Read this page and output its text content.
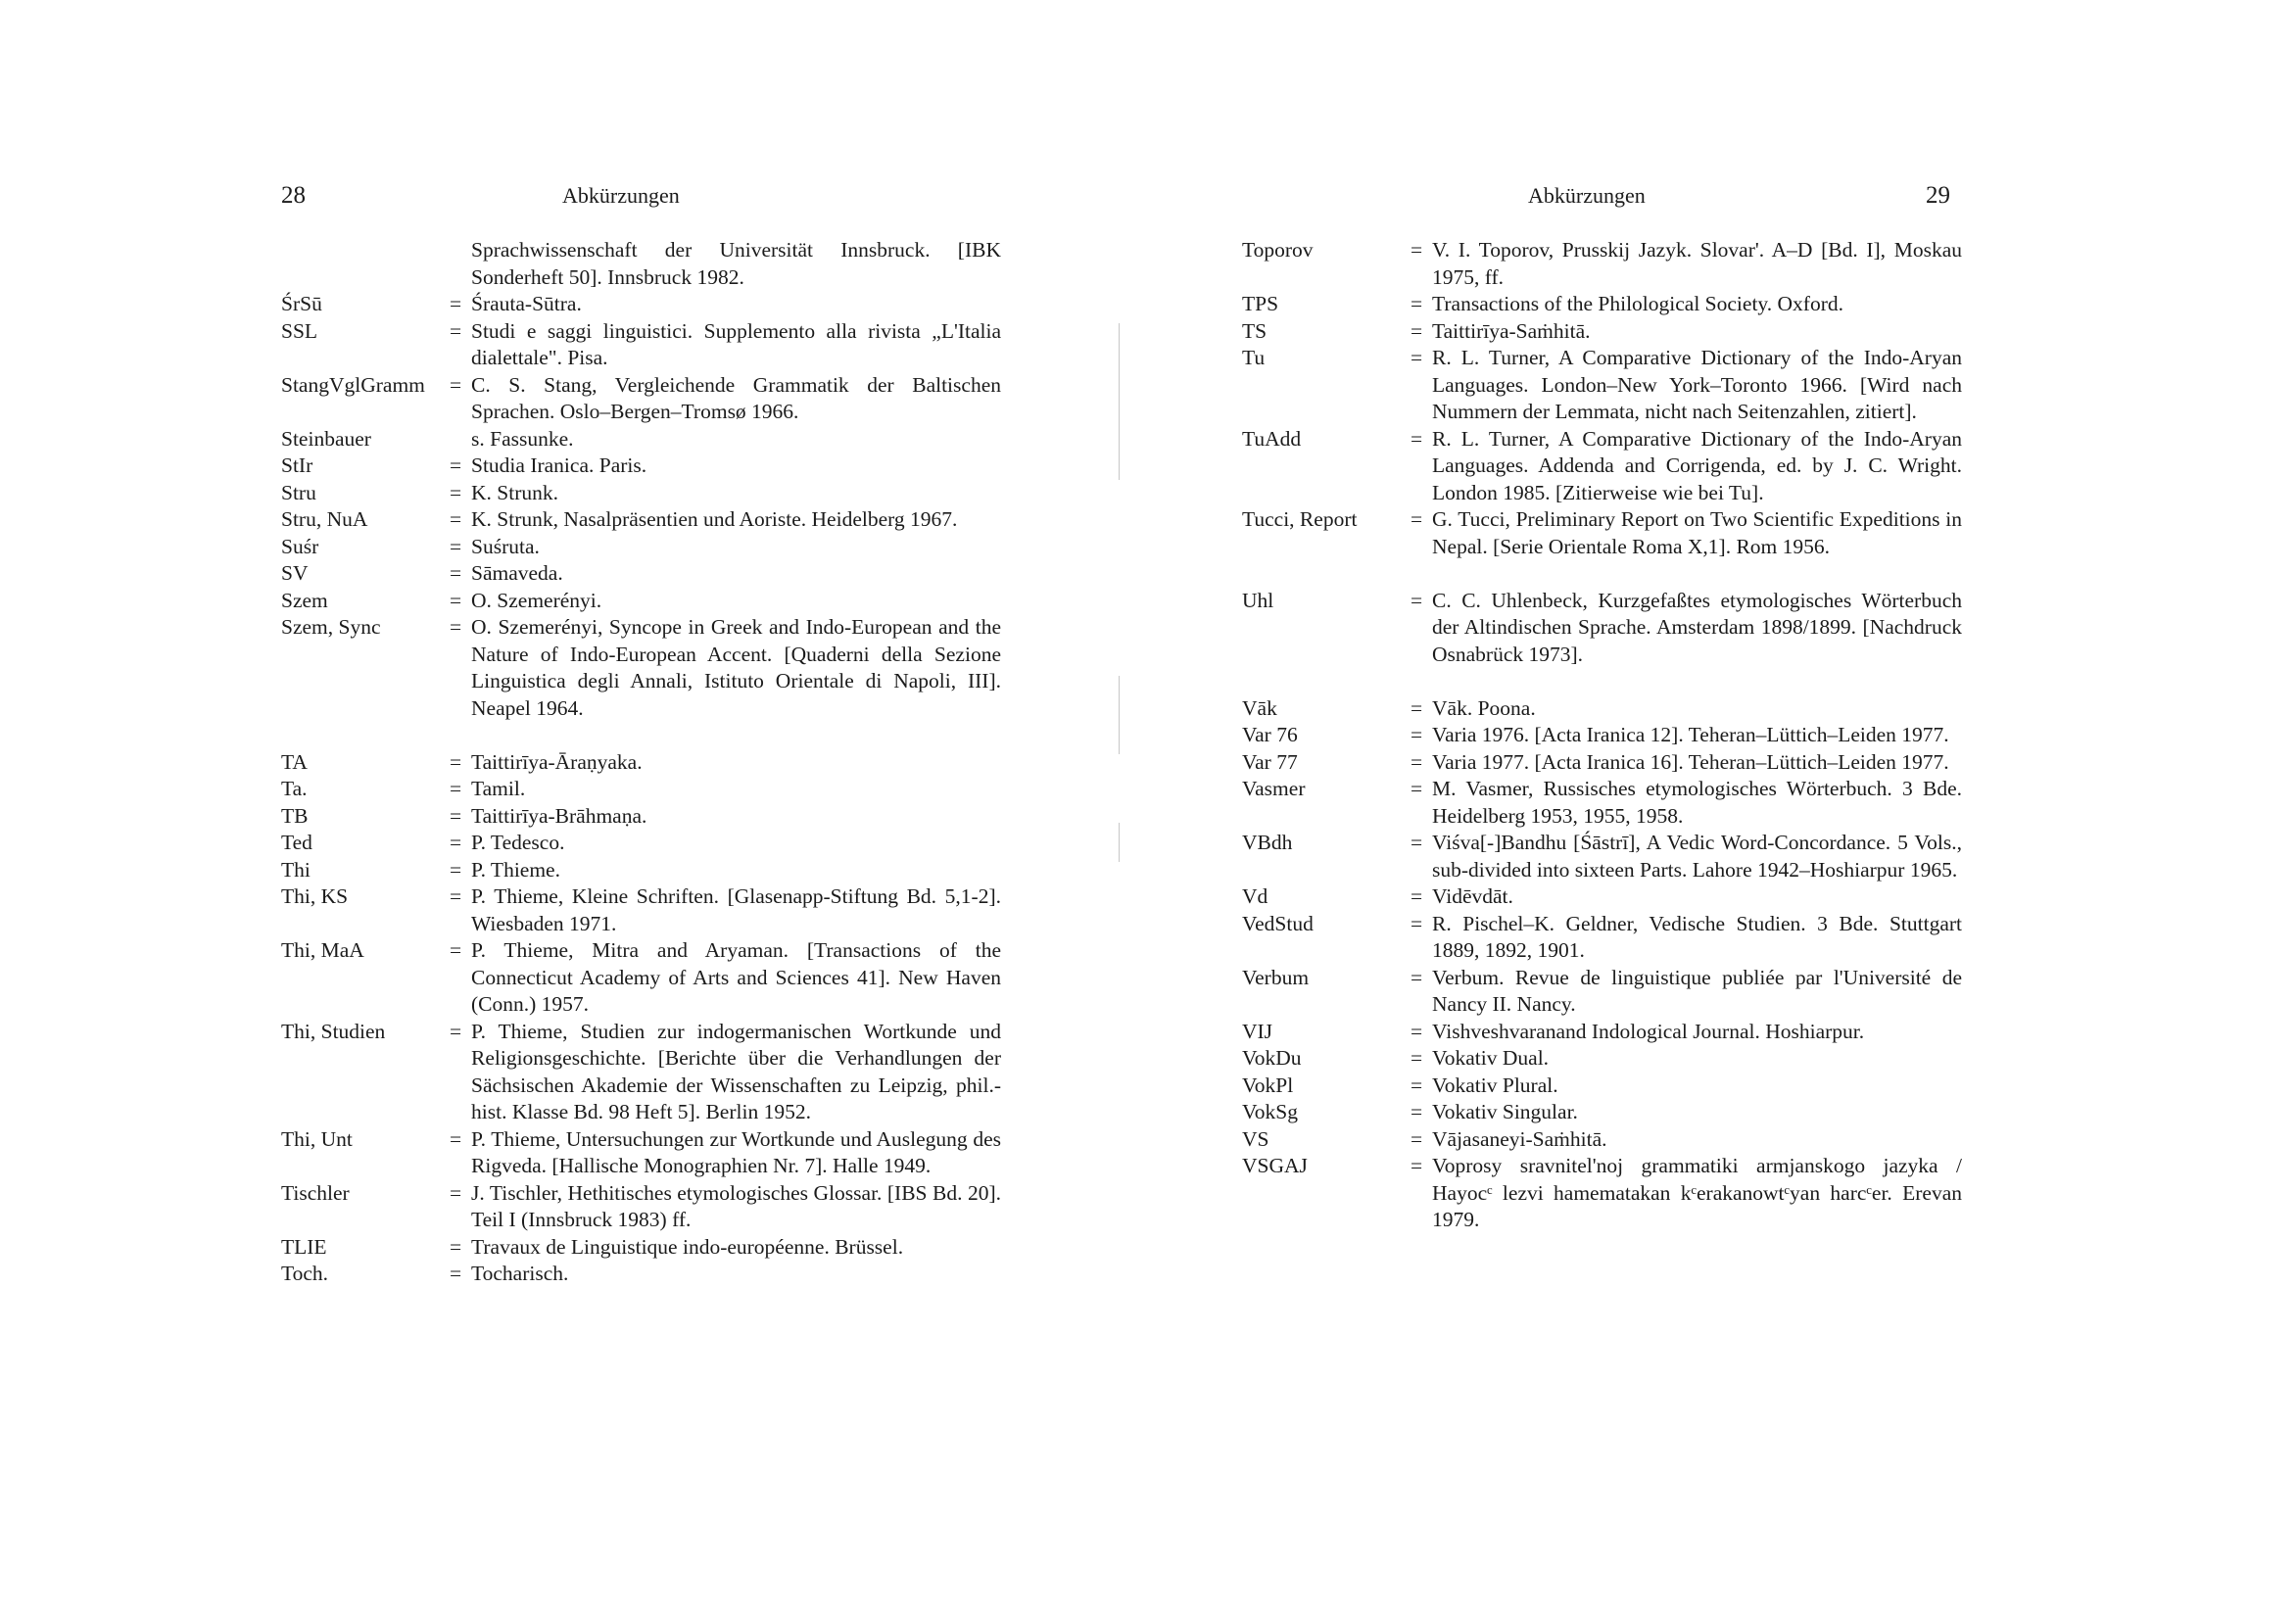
28	Abkürzungen
Sprachwissenschaft der Universität Innsbruck. [IBK Sonderheft 50]. Innsbruck 1982.
ŚrSū	= Śrauta-Sūtra.
SSL	= Studi e saggi linguistici. Supplemento alla rivista „L'Italia dialettale". Pisa.
StangVglGramm	= C. S. Stang, Vergleichende Grammatik der Baltischen Sprachen. Oslo–Bergen–Tromsø 1966.
Steinbauer	s. Fassunke.
StIr	= Studia Iranica. Paris.
Stru	= K. Strunk.
Stru, NuA	= K. Strunk, Nasalpräsentien und Aoriste. Heidelberg 1967.
Suśr	= Suśruta.
SV	= Sāmaveda.
Szem	= O. Szemerényi.
Szem, Sync	= O. Szemerényi, Syncope in Greek and Indo-European and the Nature of Indo-European Accent. [Quaderni della Sezione Linguistica degli Annali, Istituto Orientale di Napoli, III]. Neapel 1964.
TA	= Taittirīya-Āraṇyaka.
Ta.	= Tamil.
TB	= Taittirīya-Brāhmaṇa.
Ted	= P. Tedesco.
Thi	= P. Thieme.
Thi, KS	= P. Thieme, Kleine Schriften. [Glasenapp-Stiftung Bd. 5,1-2]. Wiesbaden 1971.
Thi, MaA	= P. Thieme, Mitra and Aryaman. [Transactions of the Connecticut Academy of Arts and Sciences 41]. New Haven (Conn.) 1957.
Thi, Studien	= P. Thieme, Studien zur indogermanischen Wortkunde und Religionsgeschichte. [Berichte über die Verhandlungen der Sächsischen Akademie der Wissenschaften zu Leipzig, phil.-hist. Klasse Bd. 98 Heft 5]. Berlin 1952.
Thi, Unt	= P. Thieme, Untersuchungen zur Wortkunde und Auslegung des Rigveda. [Hallische Monographien Nr. 7]. Halle 1949.
Tischler	= J. Tischler, Hethitisches etymologisches Glossar. [IBS Bd. 20]. Teil I (Innsbruck 1983) ff.
TLIE	= Travaux de Linguistique indo-européenne. Brüssel.
Toch.	= Tocharisch.
Abkürzungen	29
Toporov	= V. I. Toporov, Prusskij Jazyk. Slovar'. A–D [Bd. I], Moskau 1975, ff.
TPS	= Transactions of the Philological Society. Oxford.
TS	= Taittirīya-Saṁhitā.
Tu	= R. L. Turner, A Comparative Dictionary of the Indo-Aryan Languages. London–New York–Toronto 1966. [Wird nach Nummern der Lemmata, nicht nach Seitenzahlen, zitiert].
TuAdd	= R. L. Turner, A Comparative Dictionary of the Indo-Aryan Languages. Addenda and Corrigenda, ed. by J. C. Wright. London 1985. [Zitierweise wie bei Tu].
Tucci, Report	= G. Tucci, Preliminary Report on Two Scientific Expeditions in Nepal. [Serie Orientale Roma X,1]. Rom 1956.
Uhl	= C. C. Uhlenbeck, Kurzgefaßtes etymologisches Wörterbuch der Altindischen Sprache. Amsterdam 1898/1899. [Nachdruck Osnabrück 1973].
Vāk	= Vāk. Poona.
Var 76	= Varia 1976. [Acta Iranica 12]. Teheran–Lüttich–Leiden 1977.
Var 77	= Varia 1977. [Acta Iranica 16]. Teheran–Lüttich–Leiden 1977.
Vasmer	= M. Vasmer, Russisches etymologisches Wörterbuch. 3 Bde. Heidelberg 1953, 1955, 1958.
VBdh	= Viśva[-]Bandhu [Śāstrī], A Vedic Word-Concordance. 5 Vols., sub-divided into sixteen Parts. Lahore 1942–Hoshiarpur 1965.
Vd	= Vidēvdāt.
VedStud	= R. Pischel–K. Geldner, Vedische Studien. 3 Bde. Stuttgart 1889, 1892, 1901.
Verbum	= Verbum. Revue de linguistique publiée par l'Université de Nancy II. Nancy.
VIJ	= Vishveshvaranand Indological Journal. Hoshiarpur.
VokDu	= Vokativ Dual.
VokPl	= Vokativ Plural.
VokSg	= Vokativ Singular.
VS	= Vājasaneyi-Saṁhitā.
VSGAJ	= Voprosy sravnitel'noj grammatiki armjanskogo jazyka / Hayocᶜ lezvi hamematakan kᶜerakanowtᶜyan harcᶜer. Erevan 1979.
